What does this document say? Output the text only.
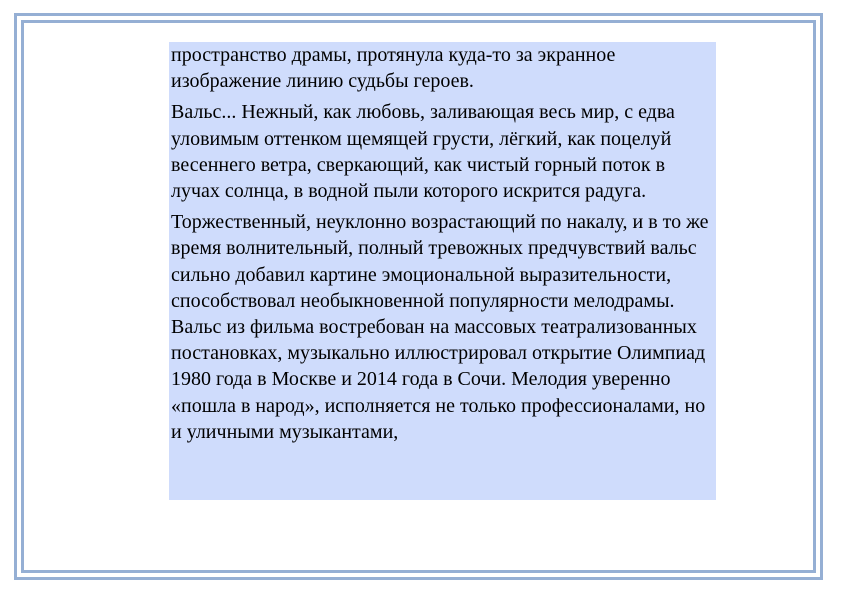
пространство драмы, протянула куда-то за экранное изображение линию судьбы героев.

Вальс... Нежный, как любовь, заливающая весь мир, с едва уловимым оттенком щемящей грусти, лёгкий, как поцелуй весеннего ветра, сверкающий, как чистый горный поток в лучах солнца, в водной пыли которого искрится радуга.

Торжественный, неуклонно возрастающий по накалу, и в то же время волнительный, полный тревожных предчувствий вальс сильно добавил картине эмоциональной выразительности, способствовал необыкновенной популярности мелодрамы. Вальс из фильма востребован на массовых театрализованных постановках, музыкально иллюстрировал открытие Олимпиад 1980 года в Москве и 2014 года в Сочи. Мелодия уверенно «пошла в народ», исполняется не только профессионалами, но и уличными музыкантами,
